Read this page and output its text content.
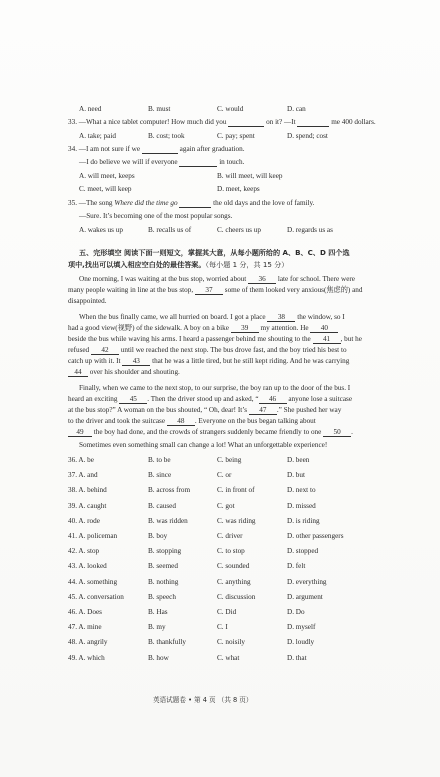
A. need	B. must	C. would	D. can
33. —What a nice tablet computer! How much did you	on it? —It	me 400 dollars.
A. take; paid	B. cost; took	C. pay; spent	D. spend; cost
34. —I am not sure if we	again after graduation.
—I do believe we will if everyone	in touch.
A. will meet, keeps	B. will meet, will keep
C. meet, will keep	D. meet, keeps
35. —The song Where did the time go	the old days and the love of family.
—Sure. It’s becoming one of the most popular songs.
A. wakes us up	B. recalls us of	C. cheers us up	D. regards us as
五、完形填空 阅读下面一则短文，掌握其大意，从每小题所给的 A、B、C、D 四个选
项中,找出可以填入相应空白处的最佳答案。（每小题 1 分，共 15 分）
One morning, I was waiting at the bus stop, worried about 36 late for school. There were
many people waiting in line at the bus stop, 37 some of them looked very anxious(焦虑的) and
disappointed.
When the bus finally came, we all hurried on board. I got a place 38 the window, so I
had a good view(视野) of the sidewalk. A boy on a bike 39 my attention. He 40
beside the bus while waving his arms. I heard a passenger behind me shouting to the 41 , but he
refused 42 until we reached the next stop. The bus drove fast, and the boy tried his best to
catch up with it. It 43 that he was a little tired, but he still kept riding. And he was carrying
44 over his shoulder and shouting.
Finally, when we came to the next stop, to our surprise, the boy ran up to the door of the bus. I
heard an exciting 45 . Then the driver stood up and asked, “ 46 anyone lose a suitcase
at the bus stop?” A woman on the bus shouted, “ Oh, dear! It’s 47 .” She pushed her way
to the driver and took the suitcase 48 . Everyone on the bus began talking about
49 the boy had done, and the crowds of strangers suddenly became friendly to one 50 .
Sometimes even something small can change a lot! What an unforgettable experience!
36. A. be	B. to be	C. being	D. been
37. A. and	B. since	C. or	D. but
38. A. behind	B. across from	C. in front of	D. next to
39. A. caught	B. caused	C. got	D. missed
40. A. rode	B. was ridden	C. was riding	D. is riding
41. A. policeman	B. boy	C. driver	D. other passengers
42. A. stop	B. stopping	C. to stop	D. stopped
43. A. looked	B. seemed	C. sounded	D. felt
44. A. something	B. nothing	C. anything	D. everything
45. A. conversation	B. speech	C. discussion	D. argument
46. A. Does	B. Has	C. Did	D. Do
47. A. mine	B. my	C. I	D. myself
48. A. angrily	B. thankfully	C. noisily	D. loudly
49. A. which	B. how	C. what	D. that
英语试题卷 • 第 4 页 （共 8 页）
